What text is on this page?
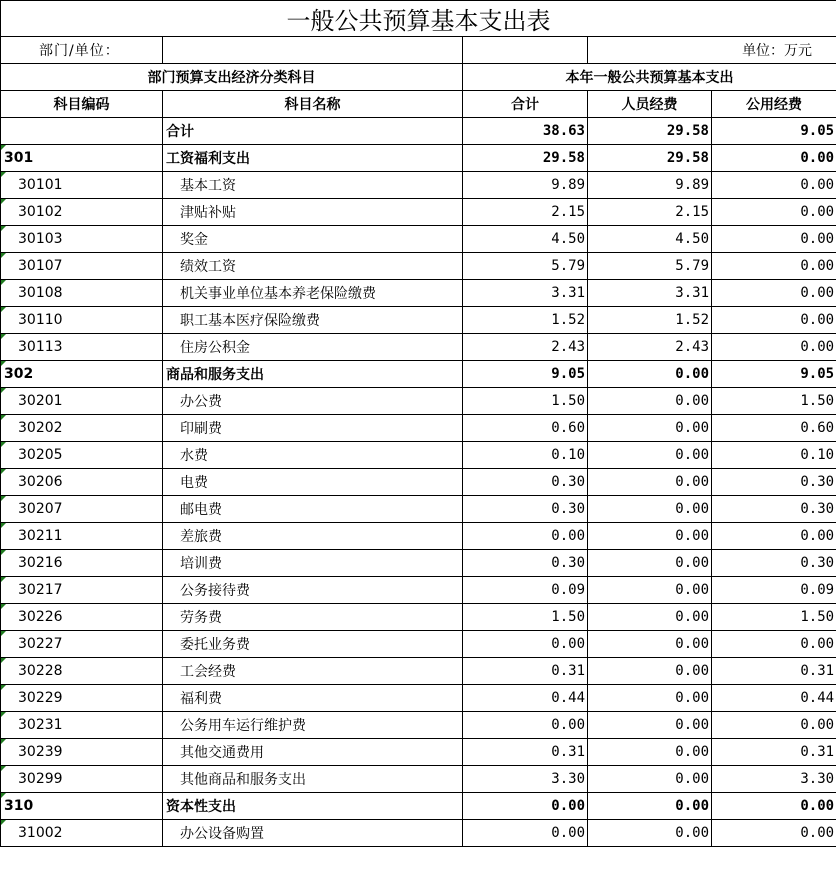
一般公共预算基本支出表				
部门/单位：			单位：万元	
部门预算支出经济分类科目		本年一般公共预算基本支出		
科目编码	科目名称	合计	人员经费	公用经费
	合计	38.63	29.58	9.05
301	工资福利支出	29.58	29.58	0.00
30101	基本工资	9.89	9.89	0.00
30102	津贴补贴	2.15	2.15	0.00
30103	奖金	4.50	4.50	0.00
30107	绩效工资	5.79	5.79	0.00
30108	机关事业单位基本养老保险缴费	3.31	3.31	0.00
30110	职工基本医疗保险缴费	1.52	1.52	0.00
30113	住房公积金	2.43	2.43	0.00
302	商品和服务支出	9.05	0.00	9.05
30201	办公费	1.50	0.00	1.50
30202	印刷费	0.60	0.00	0.60
30205	水费	0.10	0.00	0.10
30206	电费	0.30	0.00	0.30
30207	邮电费	0.30	0.00	0.30
30211	差旅费	0.00	0.00	0.00
30216	培训费	0.30	0.00	0.30
30217	公务接待费	0.09	0.00	0.09
30226	劳务费	1.50	0.00	1.50
30227	委托业务费	0.00	0.00	0.00
30228	工会经费	0.31	0.00	0.31
30229	福利费	0.44	0.00	0.44
30231	公务用车运行维护费	0.00	0.00	0.00
30239	其他交通费用	0.31	0.00	0.31
30299	其他商品和服务支出	3.30	0.00	3.30
310	资本性支出	0.00	0.00	0.00
31002	办公设备购置	0.00	0.00	0.00
